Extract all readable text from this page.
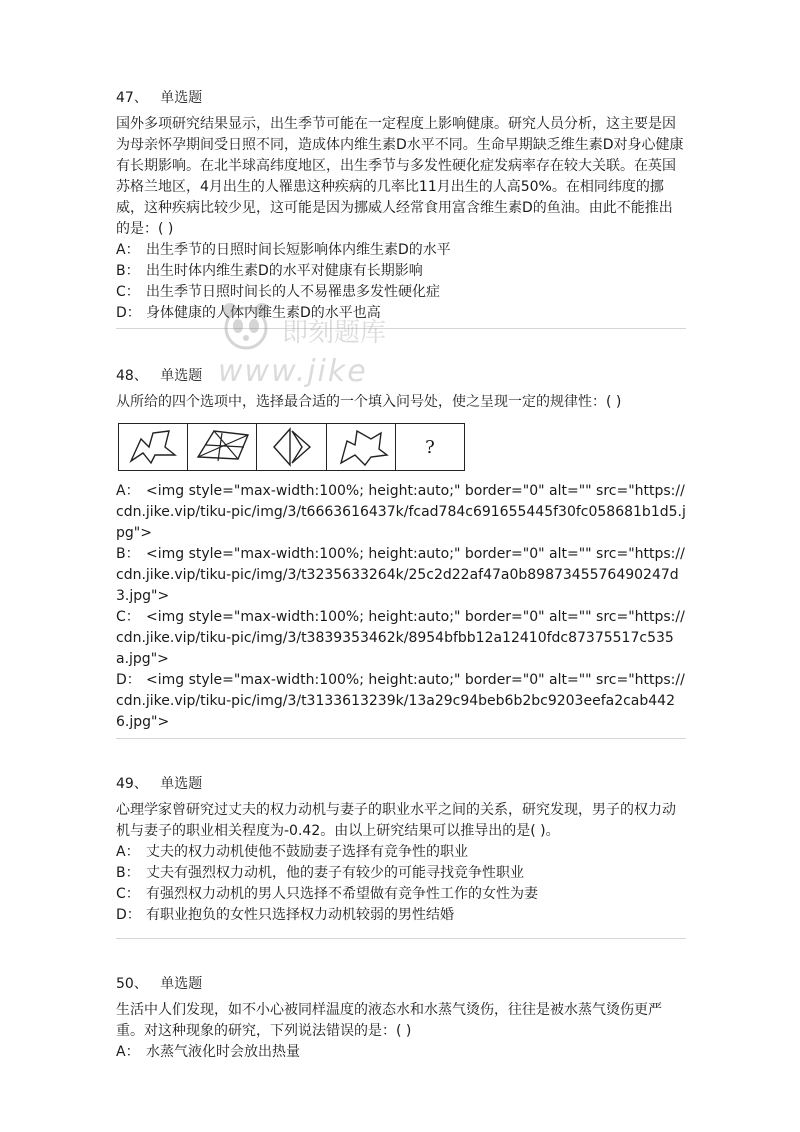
47、 单选题

国外多项研究结果显示，出生季节可能在一定程度上影响健康。研究人员分析，这主要是因为母亲怀孕期间受日照不同，造成体内维生素D水平不同。生命早期缺乏维生素D对身心健康有长期影响。在北半球高纬度地区，出生季节与多发性硬化症发病率存在较大关联。在英国苏格兰地区，4月出生的人罹患这种疾病的几率比11月出生的人高50%。在相同纬度的挪威，这种疾病比较少见，这可能是因为挪威人经常食用富含维生素D的鱼油。由此不能推出的是：( )

A： 出生季节的日照时间长短影响体内维生素D的水平

B： 出生时体内维生素D的水平对健康有长期影响

C： 出生季节日照时间长的人不易罹患多发性硬化症

D： 身体健康的人体内维生素D的水平也高

48、 单选题

从所给的四个选项中，选择最合适的一个填入问号处，使之呈现一定的规律性：( )

?

A： <img style="max-width:100%; height:auto;" border="0" alt="" src="https://cdn.jike.vip/tiku-pic/img/3/t6663616437k/fcad784c691655445f30fc058681b1d5.jpg">

B： <img style="max-width:100%; height:auto;" border="0" alt="" src="https://cdn.jike.vip/tiku-pic/img/3/t3235633264k/25c2d22af47a0b8987345576490247d3.jpg">

C： <img style="max-width:100%; height:auto;" border="0" alt="" src="https://cdn.jike.vip/tiku-pic/img/3/t3839353462k/8954bfbb12a12410fdc87375517c535a.jpg">

D： <img style="max-width:100%; height:auto;" border="0" alt="" src="https://cdn.jike.vip/tiku-pic/img/3/t3133613239k/13a29c94beb6b2bc9203eefa2cab4426.jpg">

49、 单选题

心理学家曾研究过丈夫的权力动机与妻子的职业水平之间的关系，研究发现，男子的权力动机与妻子的职业相关程度为-0.42。由以上研究结果可以推导出的是( )。

A： 丈夫的权力动机使他不鼓励妻子选择有竞争性的职业

B： 丈夫有强烈权力动机，他的妻子有较少的可能寻找竞争性职业

C： 有强烈权力动机的男人只选择不希望做有竞争性工作的女性为妻

D： 有职业抱负的女性只选择权力动机较弱的男性结婚

50、 单选题

生活中人们发现，如不小心被同样温度的液态水和水蒸气烫伤，往往是被水蒸气烫伤更严重。对这种现象的研究，下列说法错误的是：( )

A： 水蒸气液化时会放出热量

即刻题库
www.jike
